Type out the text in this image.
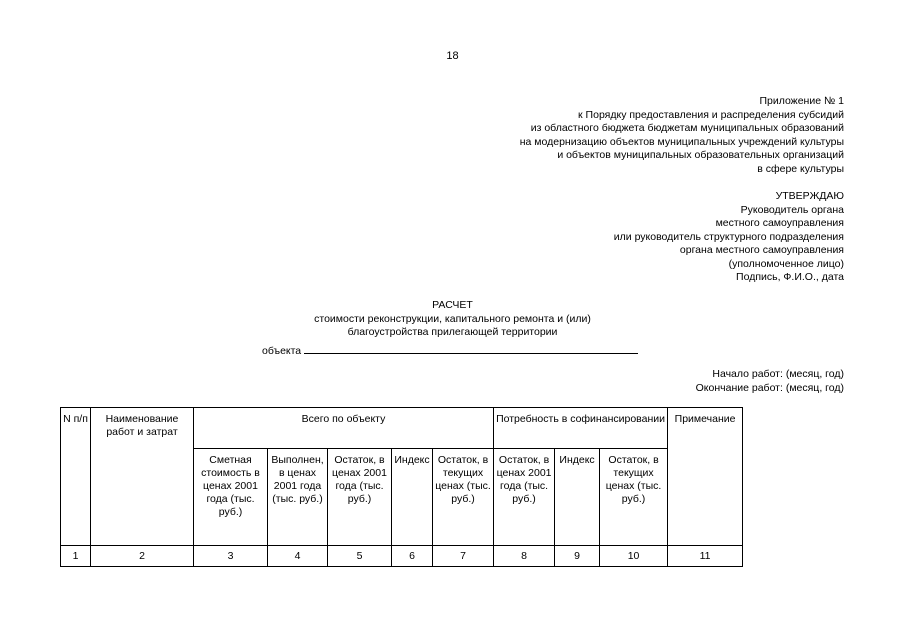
18
Приложение № 1
к Порядку предоставления и распределения субсидий
из областного бюджета бюджетам муниципальных образований
на модернизацию объектов муниципальных учреждений культуры
и объектов муниципальных образовательных организаций
в сфере культуры
УТВЕРЖДАЮ
Руководитель органа
местного самоуправления
или руководитель структурного подразделения
органа местного самоуправления
(уполномоченное лицо)
Подпись, Ф.И.О., дата
РАСЧЕТ
стоимости реконструкции, капитального ремонта и (или)
благоустройства прилегающей территории
объекта
Начало работ: (месяц, год)
Окончание работ: (месяц, год)
N п/п	Наименование работ и затрат	Всего по объекту					Потребность в софинансировании			Примечание
		Сметная стоимость в ценах 2001 года (тыс. руб.)	Выполнен, в ценах 2001 года (тыс. руб.)	Остаток, в ценах 2001 года (тыс. руб.)	Индекс	Остаток, в текущих ценах (тыс. руб.)	Остаток, в ценах 2001 года (тыс. руб.)	Индекс	Остаток, в текущих ценах (тыс. руб.)	
1	2	3	4	5	6	7	8	9	10	11
